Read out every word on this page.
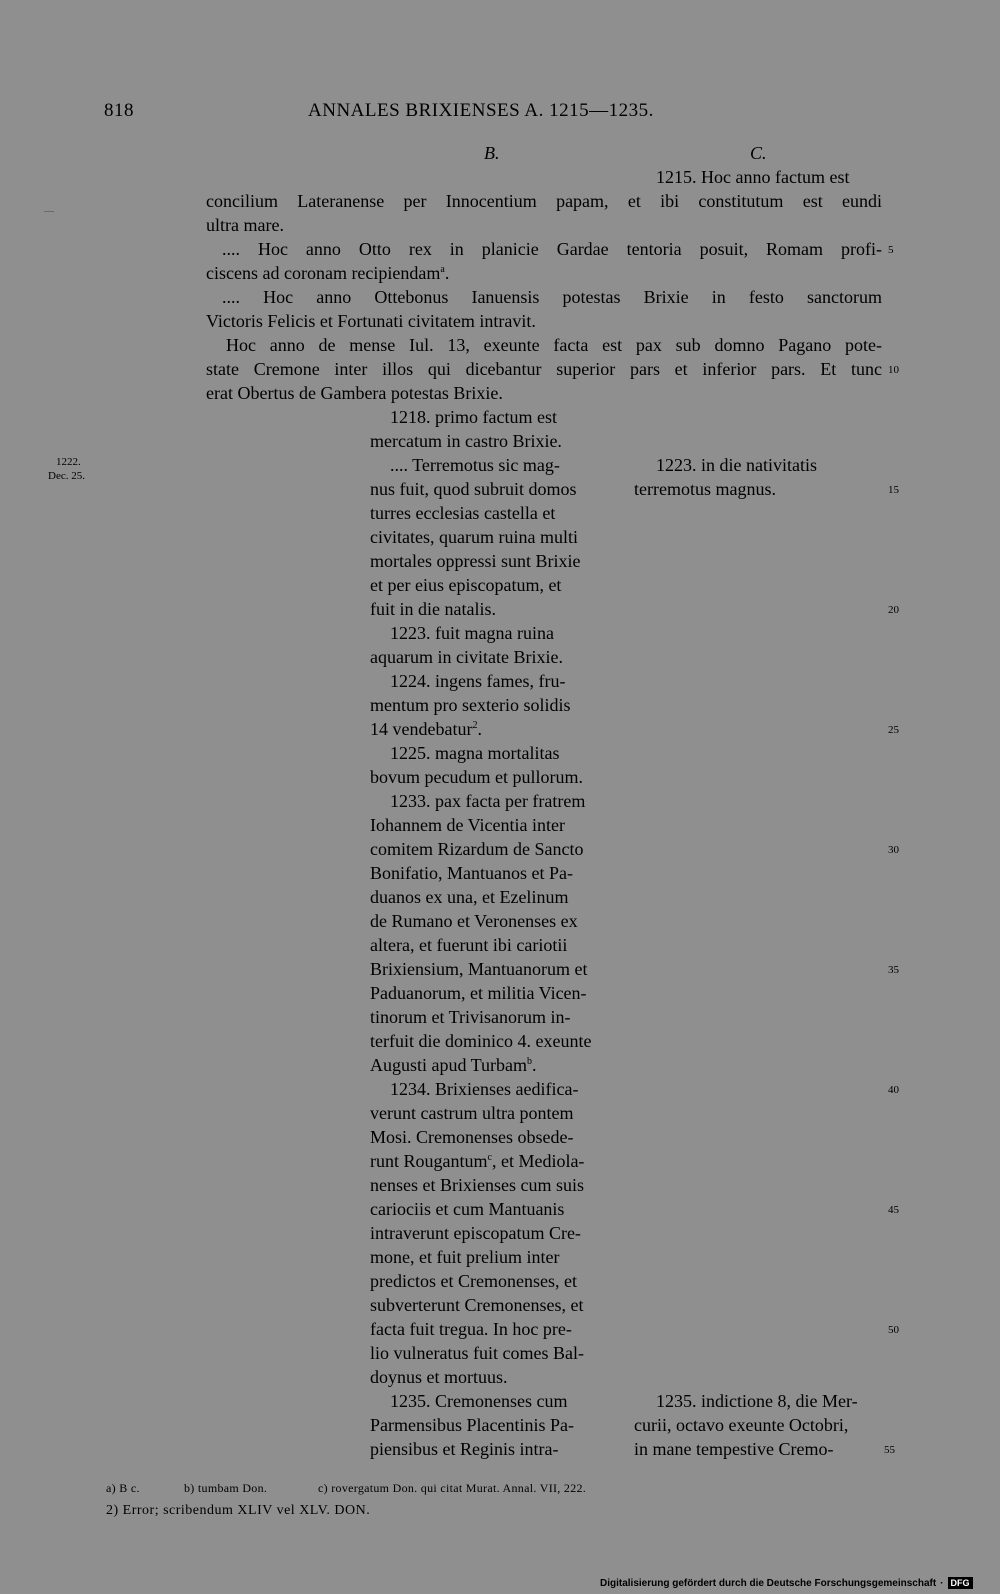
818	ANNALES BRIXIENSES A. 1215—1235.
B.	C.
1215. Hoc anno factum est
concilium Lateranense per Innocentium papam, et ibi constitutum est eundi
ultra mare.
.... Hoc anno Otto rex in planicie Gardae tentoria posuit, Romam profi-
ciscens ad coronam recipiendam$^a$.
.... Hoc anno Ottebonus Ianuensis potestas Brixie in festo sanctorum
Victoris Felicis et Fortunati civitatem intravit.
Hoc anno de mense Iul. 13, exeunte facta est pax sub domno Pagano pote-
state Cremone inter illos qui dicebantur superior pars et inferior pars. Et tunc
erat Obertus de Gambera potestas Brixie.
1222.
Dec. 25.
1218. primo factum est
mercatum in castro Brixie.
.... Terremotus sic mag-
nus fuit, quod subruit domos
turres ecclesias castella et
civitates, quarum ruina multi
mortales oppressi sunt Brixie
et per eius episcopatum, et
fuit in die natalis.
1223. fuit magna ruina
aquarum in civitate Brixie.
1224. ingens fames, fru-
mentum pro sexterio solidis
14 vendebatur$^2$.
1225. magna mortalitas
bovum pecudum et pullorum.
1233. pax facta per fratrem
Iohannem de Vicentia inter
comitem Rizardum de Sancto
Bonifatio, Mantuanos et Pa-
duanos ex una, et Ezelinum
de Rumano et Veronenses ex
altera, et fuerunt ibi cariotii
Brixiensium, Mantuanorum et
Paduanorum, et militia Vicen-
tinorum et Trivisanorum in-
terfuit die dominico 4. exeunte
Augusti apud Turbam$^b$.
1234. Brixienses aedifica-
verunt castrum ultra pontem
Mosi. Cremonenses obsede-
runt Rougantum$^c$, et Mediola-
nenses et Brixienses cum suis
cariociis et cum Mantuanis
intraverunt episcopatum Cre-
mone, et fuit prelium inter
predictos et Cremonenses, et
subverterunt Cremonenses, et
facta fuit tregua. In hoc pre-
lio vulneratus fuit comes Bal-
doynus et mortuus.
1235. Cremonenses cum
Parmensibus Placentinis Pa-
piensibus et Reginis intra-
1223. in die nativitatis
terremotus magnus.
1235. indictione 8, die Mer-
curii, octavo exeunte Octobri,
in mane tempestive Cremo-
5
10
15
20
25
30
35
40
45
50
55
a) B c.	b) tumbam Don.	c) rovergatum Don. qui citat Murat. Annal. VII, 222.
2) Error; scribendum XLIV vel XLV. DON.
Digitalisierung gefördert durch die Deutsche Forschungsgemeinschaft · DFG
